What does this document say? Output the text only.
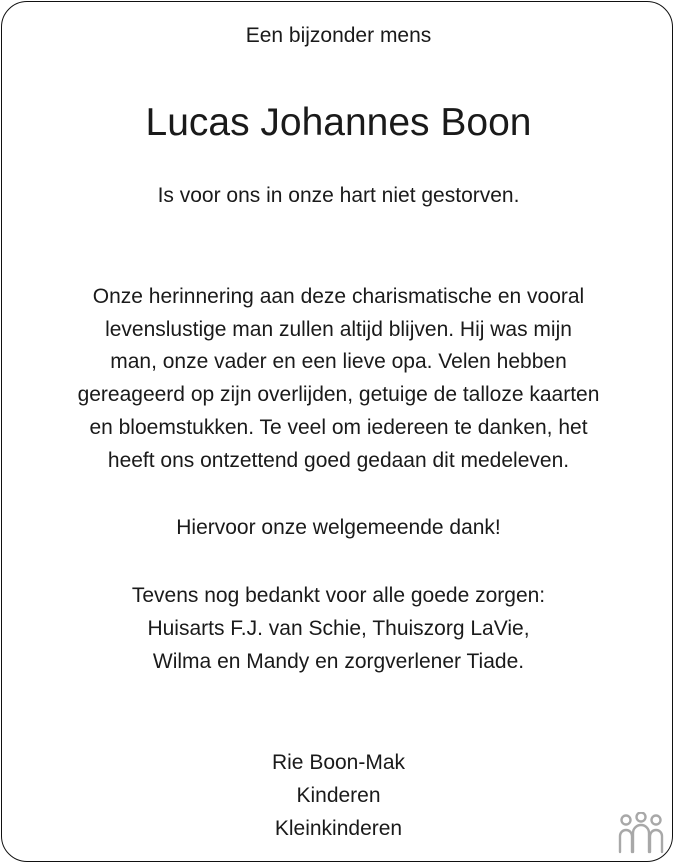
Een bijzonder mens
Lucas Johannes Boon
Is voor ons in onze hart niet gestorven.
Onze herinnering aan deze charismatische en vooral
levenslustige man zullen altijd blijven. Hij was mijn
man, onze vader en een lieve opa. Velen hebben
gereageerd op zijn overlijden, getuige de talloze kaarten
en bloemstukken. Te veel om iedereen te danken, het
heeft ons ontzettend goed gedaan dit medeleven.
Hiervoor onze welgemeende dank!
Tevens nog bedankt voor alle goede zorgen:
Huisarts F.J. van Schie, Thuiszorg LaVie,
Wilma en Mandy en zorgverlener Tiade.
Rie Boon-Mak
Kinderen
Kleinkinderen
